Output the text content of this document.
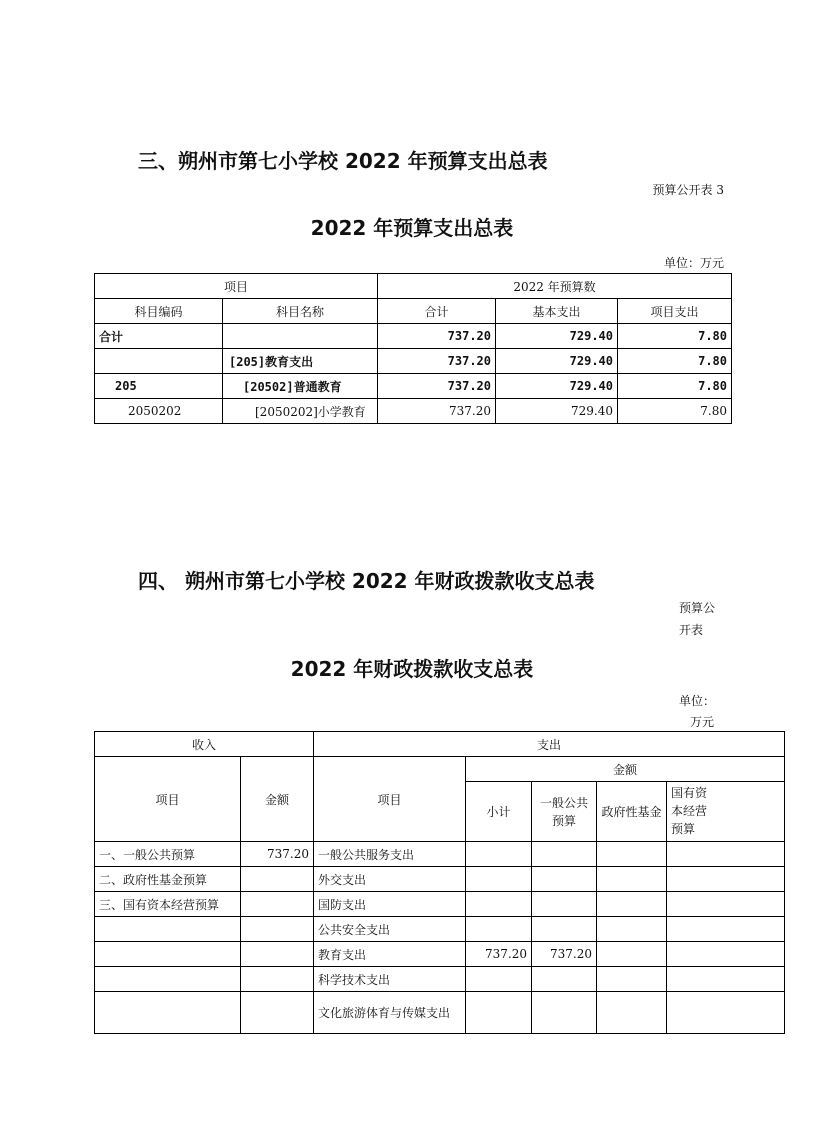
三、朔州市第七小学校 2022 年预算支出总表
预算公开表 3
2022 年预算支出总表
单位：万元
项目		2022 年预算数		
科目编码	科目名称	合计	基本支出	项目支出
合计		737.20	729.40	7.80
	[205]教育支出	737.20	729.40	7.80
205	[20502]普通教育	737.20	729.40	7.80
2050202	[2050202]小学教育	737.20	729.40	7.80
四、 朔州市第七小学校 2022 年财政拨款收支总表
预算公
开表
2022 年财政拨款收支总表
单位：
万元
收入		支出				
项目	金额	项目	金额			
			小计	一般公共预算	政府性基金	国有资本经营预算

一、一般公共预算	737.20	一般公共服务支出				
二、政府性基金预算		外交支出				
三、国有资本经营预算		国防支出				
		公共安全支出				
		教育支出	737.20	737.20		
		科学技术支出				
		文化旅游体育与传媒支出				
